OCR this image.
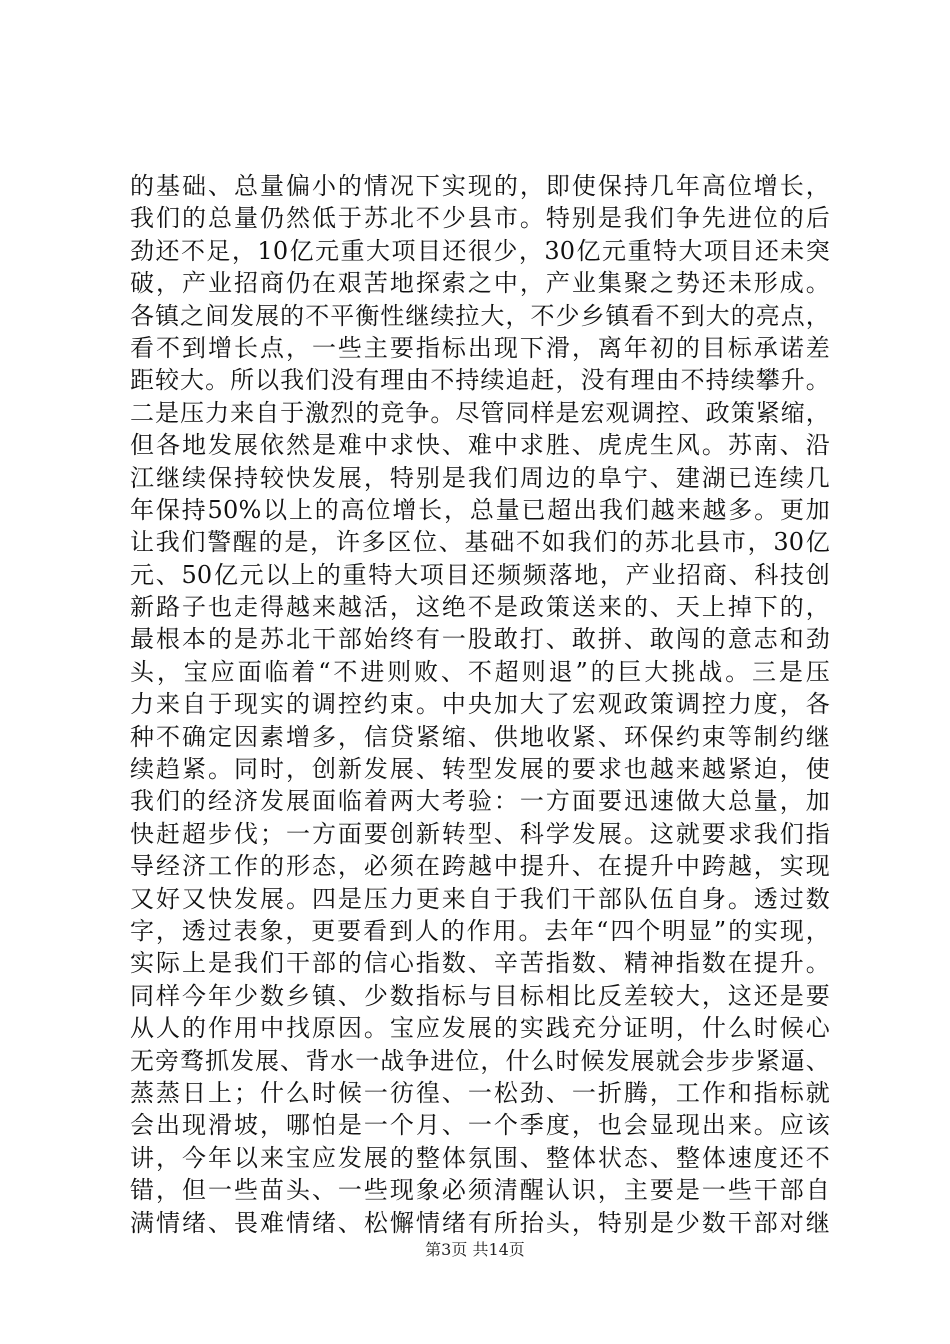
的基础、总量偏小的情况下实现的，即使保持几年高位增长，
我们的总量仍然低于苏北不少县市。特别是我们争先进位的后
劲还不足，10亿元重大项目还很少，30亿元重特大项目还未突
破，产业招商仍在艰苦地探索之中，产业集聚之势还未形成。
各镇之间发展的不平衡性继续拉大，不少乡镇看不到大的亮点，
看不到增长点，一些主要指标出现下滑，离年初的目标承诺差
距较大。所以我们没有理由不持续追赶，没有理由不持续攀升。
二是压力来自于激烈的竞争。尽管同样是宏观调控、政策紧缩，
但各地发展依然是难中求快、难中求胜、虎虎生风。苏南、沿
江继续保持较快发展，特别是我们周边的阜宁、建湖已连续几
年保持50%以上的高位增长，总量已超出我们越来越多。更加
让我们警醒的是，许多区位、基础不如我们的苏北县市，30亿
元、50亿元以上的重特大项目还频频落地，产业招商、科技创
新路子也走得越来越活，这绝不是政策送来的、天上掉下的，
最根本的是苏北干部始终有一股敢打、敢拼、敢闯的意志和劲
头，宝应面临着“不进则败、不超则退”的巨大挑战。三是压
力来自于现实的调控约束。中央加大了宏观政策调控力度，各
种不确定因素增多，信贷紧缩、供地收紧、环保约束等制约继
续趋紧。同时，创新发展、转型发展的要求也越来越紧迫，使
我们的经济发展面临着两大考验：一方面要迅速做大总量，加
快赶超步伐；一方面要创新转型、科学发展。这就要求我们指
导经济工作的形态，必须在跨越中提升、在提升中跨越，实现
又好又快发展。四是压力更来自于我们干部队伍自身。透过数
字，透过表象，更要看到人的作用。去年“四个明显”的实现，
实际上是我们干部的信心指数、辛苦指数、精神指数在提升。
同样今年少数乡镇、少数指标与目标相比反差较大，这还是要
从人的作用中找原因。宝应发展的实践充分证明，什么时候心
无旁骛抓发展、背水一战争进位，什么时候发展就会步步紧逼、
蒸蒸日上；什么时候一彷徨、一松劲、一折腾，工作和指标就
会出现滑坡，哪怕是一个月、一个季度，也会显现出来。应该
讲，今年以来宝应发展的整体氛围、整体状态、整体速度还不
错，但一些苗头、一些现象必须清醒认识，主要是一些干部自
满情绪、畏难情绪、松懈情绪有所抬头，特别是少数干部对继
第3页 共14页
